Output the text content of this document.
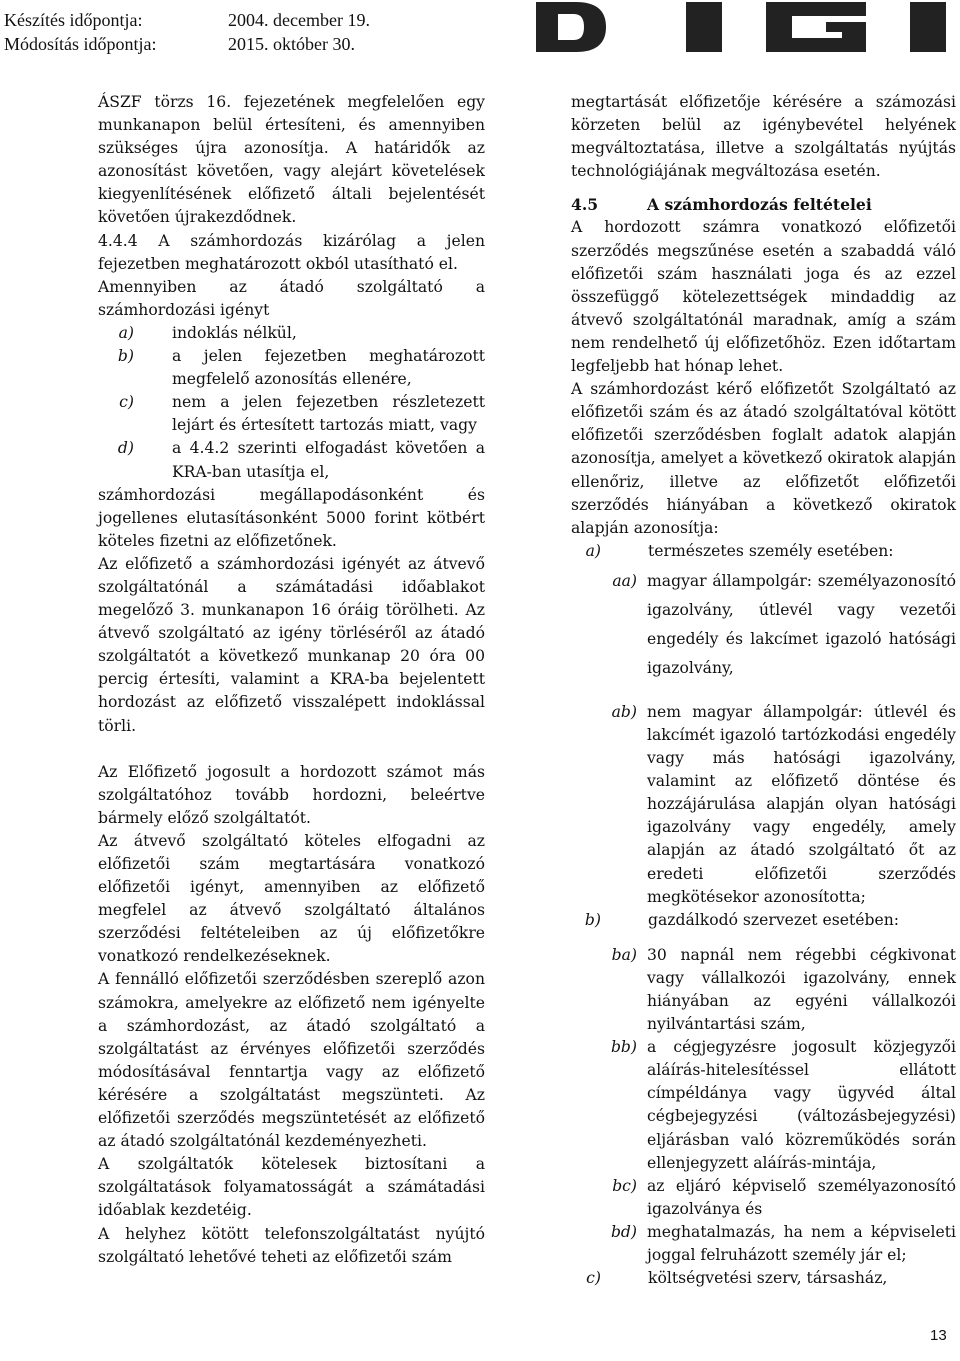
Készítés időpontja:	2004. december 19.
Módosítás időpontja:	2015. október 30.

ÁSZF törzs 16. fejezetének megfelelően egy munkanapon belül értesíteni, és amennyiben szükséges újra azonosítja. A határidők az azonosítást követően, vagy alejárt követelések kiegyenlítésének előfizető általi bejelentését követően újrakezdődnek.

4.4.4 A számhordozás kizárólag a jelen fejezetben meghatározott okból utasítható el.

Amennyiben az átadó szolgáltató a számhordozási igényt

a)	indoklás nélkül,
b)	a jelen fejezetben meghatározott megfelelő azonosítás ellenére,
c)	nem a jelen fejezetben részletezett lejárt és értesített tartozás miatt, vagy
d)	a 4.4.2 szerinti elfogadást követően a KRA-ban utasítja el,

számhordozási megállapodásonként és jogellenes elutasításonként 5000 forint kötbért köteles fizetni az előfizetőnek.

Az előfizető a számhordozási igényét az átvevő szolgáltatónál a számátadási időablakot megelőző 3. munkanapon 16 óráig törölheti. Az átvevő szolgáltató az igény törléséről az átadó szolgáltatót a következő munkanap 20 óra 00 percig értesíti, valamint a KRA-ba bejelentett hordozást az előfizető visszalépett indoklással törli.

Az Előfizető jogosult a hordozott számot más szolgáltatóhoz tovább hordozni, beleértve bármely előző szolgáltatót.

Az átvevő szolgáltató köteles elfogadni az előfizetői szám megtartására vonatkozó előfizetői igényt, amennyiben az előfizető megfelel az átvevő szolgáltató általános szerződési feltételeiben az új előfizetőkre vonatkozó rendelkezéseknek.

A fennálló előfizetői szerződésben szereplő azon számokra, amelyekre az előfizető nem igényelte a számhordozást, az átadó szolgáltató a szolgáltatást az érvényes előfizetői szerződés módosításával fenntartja vagy az előfizető kérésére a szolgáltatást megszünteti. Az előfizetői szerződés megszüntetését az előfizető az átadó szolgáltatónál kezdeményezheti.

A szolgáltatók kötelesek biztosítani a szolgáltatások folyamatosságát a számátadási időablak kezdetéig.

A helyhez kötött telefonszolgáltatást nyújtó szolgáltató lehetővé teheti az előfizetői szám

megtartását előfizetője kérésére a számozási körzeten belül az igénybevétel helyének megváltoztatása, illetve a szolgáltatás nyújtás technológiájának megváltozása esetén.

4.5	A számhordozás feltételei

A hordozott számra vonatkozó előfizetői szerződés megszűnése esetén a szabaddá váló előfizetői szám használati joga és az ezzel összefüggő kötelezettségek mindaddig az átvevő szolgáltatónál maradnak, amíg a szám nem rendelhető új előfizetőhöz. Ezen időtartam legfeljebb hat hónap lehet.

A számhordozást kérő előfizetőt Szolgáltató az előfizetői szám és az átadó szolgáltatóval kötött előfizetői szerződésben foglalt adatok alapján azonosítja, amelyet a következő okiratok alapján ellenőriz, illetve az előfizetőt előfizetői szerződés hiányában a következő okiratok alapján azonosítja:

a)	természetes személy esetében:
aa) magyar állampolgár: személyazonosító igazolvány, útlevél vagy vezetői engedély és lakcímet igazoló hatósági igazolvány,
ab) nem magyar állampolgár: útlevél és lakcímét igazoló tartózkodási engedély vagy más hatósági igazolvány, valamint az előfizető döntése és hozzájárulása alapján olyan hatósági igazolvány vagy engedély, amely alapján az átadó szolgáltató őt az eredeti előfizetői szerződés megkötésekor azonosította;
b)	gazdálkodó szervezet esetében:
ba) 30 napnál nem régebbi cégkivonat vagy vállalkozói igazolvány, ennek hiányában az egyéni vállalkozói nyilvántartási szám,
bb) a cégjegyzésre jogosult közjegyzői aláírás-hitelesítéssel ellátott címpéldánya vagy ügyvéd által cégbejegyzési (változásbejegyzési) eljárásban való közreműködés során ellenjegyzett aláírás-mintája,
bc) az eljáró képviselő személyazonosító igazolványa és
bd) meghatalmazás, ha nem a képviseleti joggal felruházott személy jár el;
c)	költségvetési szerv, társasház,
13
